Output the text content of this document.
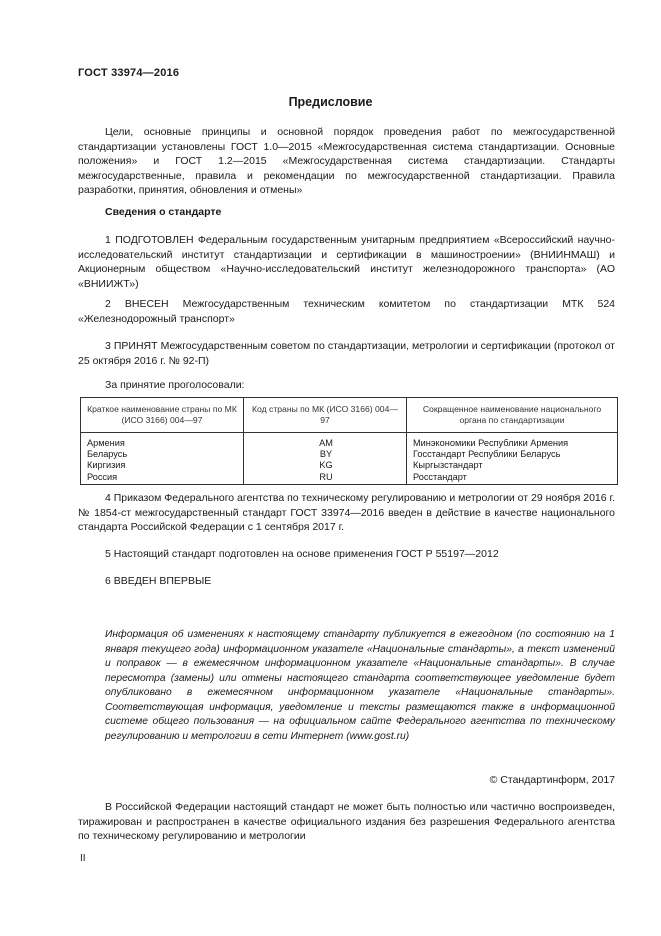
ГОСТ 33974—2016
Предисловие

Цели, основные принципы и основной порядок проведения работ по межгосударственной стандартизации установлены ГОСТ 1.0—2015 «Межгосударственная система стандартизации. Основные положения» и ГОСТ 1.2—2015 «Межгосударственная система стандартизации. Стандарты межгосударственные, правила и рекомендации по межгосударственной стандартизации. Правила разработки, принятия, обновления и отмены»

Сведения о стандарте

1 ПОДГОТОВЛЕН Федеральным государственным унитарным предприятием «Всероссийский научно-исследовательский институт стандартизации и сертификации в машиностроении» (ВНИИНМАШ) и Акционерным обществом «Научно-исследовательский институт железнодорожного транспорта» (АО «ВНИИЖТ»)

2 ВНЕСЕН Межгосударственным техническим комитетом по стандартизации МТК 524 «Железнодорожный транспорт»

3 ПРИНЯТ Межгосударственным советом по стандартизации, метрологии и сертификации (протокол от 25 октября 2016 г. № 92-П)

За принятие проголосовали:
Краткое наименование страны по МК (ИСО 3166) 004—97	Код страны по МК (ИСО 3166) 004—97	Сокращенное наименование национального органа по стандартизации
Армения	AM	Минэкономики Республики Армения
Беларусь	BY	Госстандарт Республики Беларусь
Киргизия	KG	Кыргызстандарт
Россия	RU	Росстандарт

4 Приказом Федерального агентства по техническому регулированию и метрологии от 29 ноября 2016 г. № 1854-ст межгосударственный стандарт ГОСТ 33974—2016 введен в действие в качестве национального стандарта Российской Федерации с 1 сентября 2017 г.

5 Настоящий стандарт подготовлен на основе применения ГОСТ Р 55197—2012
6 ВВЕДЕН ВПЕРВЫЕ

Информация об изменениях к настоящему стандарту публикуется в ежегодном (по состоянию на 1 января текущего года) информационном указателе «Национальные стандарты», а текст изменений и поправок — в ежемесячном информационном указателе «Национальные стандарты». В случае пересмотра (замены) или отмены настоящего стандарта соответствующее уведомление будет опубликовано в ежемесячном информационном указателе «Национальные стандарты». Соответствующая информация, уведомление и тексты размещаются также в информационной системе общего пользования — на официальном сайте Федерального агентства по техническому регулированию и метрологии в сети Интернет (www.gost.ru)

© Стандартинформ, 2017

В Российской Федерации настоящий стандарт не может быть полностью или частично воспроизведен, тиражирован и распространен в качестве официального издания без разрешения Федерального агентства по техническому регулированию и метрологии

II
